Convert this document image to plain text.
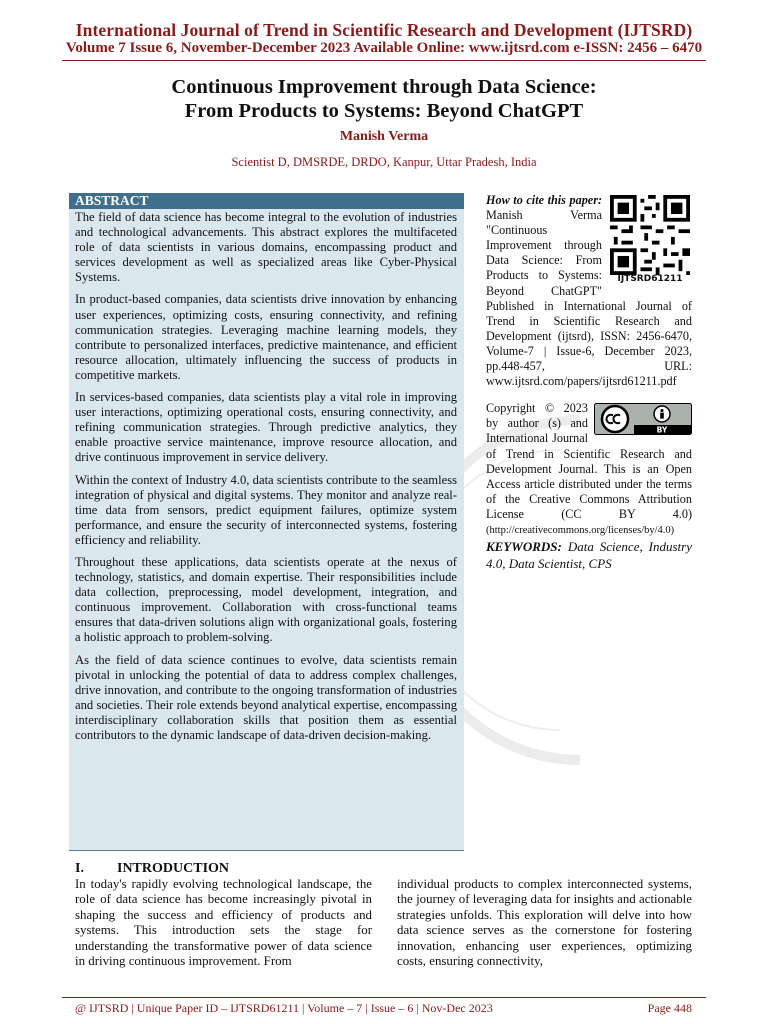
International Journal of Trend in Scientific Research and Development (IJTSRD)
Volume 7 Issue 6, November-December 2023 Available Online: www.ijtsrd.com e-ISSN: 2456 – 6470
Continuous Improvement through Data Science:
From Products to Systems: Beyond ChatGPT
Manish Verma
Scientist D, DMSRDE, DRDO, Kanpur, Uttar Pradesh, India
ABSTRACT

The field of data science has become integral to the evolution of industries and technological advancements. This abstract explores the multifaceted role of data scientists in various domains, encompassing product and services development as well as specialized areas like Cyber-Physical Systems.

In product-based companies, data scientists drive innovation by enhancing user experiences, optimizing costs, ensuring connectivity, and refining communication strategies. Leveraging machine learning models, they contribute to personalized interfaces, predictive maintenance, and efficient resource allocation, ultimately influencing the success of products in competitive markets.

In services-based companies, data scientists play a vital role in improving user interactions, optimizing operational costs, ensuring connectivity, and refining communication strategies. Through predictive analytics, they enable proactive service maintenance, improve resource allocation, and drive continuous improvement in service delivery.

Within the context of Industry 4.0, data scientists contribute to the seamless integration of physical and digital systems. They monitor and analyze real-time data from sensors, predict equipment failures, optimize system performance, and ensure the security of interconnected systems, fostering efficiency and reliability.

Throughout these applications, data scientists operate at the nexus of technology, statistics, and domain expertise. Their responsibilities include data collection, preprocessing, model development, integration, and continuous improvement. Collaboration with cross-functional teams ensures that data-driven solutions align with organizational goals, fostering a holistic approach to problem-solving.

As the field of data science continues to evolve, data scientists remain pivotal in unlocking the potential of data to address complex challenges, drive innovation, and contribute to the ongoing transformation of industries and societies. Their role extends beyond analytical expertise, encompassing interdisciplinary collaboration skills that position them as essential contributors to the dynamic landscape of data-driven decision-making.

IJTSRD61211
How to cite this paper: Manish Verma "Continuous Improvement through Data Science: From Products to Systems: Beyond ChatGPT" Published in International Journal of Trend in Scientific Research and Development (ijtsrd), ISSN: 2456-6470, Volume-7 | Issue-6, December 2023, pp.448-457, URL: www.ijtsrd.com/papers/ijtsrd61211.pdf

BY
Copyright © 2023 by author (s) and International Journal of Trend in Scientific Research and Development Journal. This is an Open Access article distributed under the terms of the Creative Commons Attribution License (CC BY 4.0) (http://creativecommons.org/licenses/by/4.0)

KEYWORDS: Data Science, Industry 4.0, Data Scientist, CPS

I. INTRODUCTION
In today's rapidly evolving technological landscape, the role of data science has become increasingly pivotal in shaping the success and efficiency of products and systems. This introduction sets the stage for understanding the transformative power of data science in driving continuous improvement. From
individual products to complex interconnected systems, the journey of leveraging data for insights and actionable strategies unfolds. This exploration will delve into how data science serves as the cornerstone for fostering innovation, enhancing user experiences, optimizing costs, ensuring connectivity,
@ IJTSRD | Unique Paper ID – IJTSRD61211 | Volume – 7 | Issue – 6 | Nov-Dec 2023	Page 448
